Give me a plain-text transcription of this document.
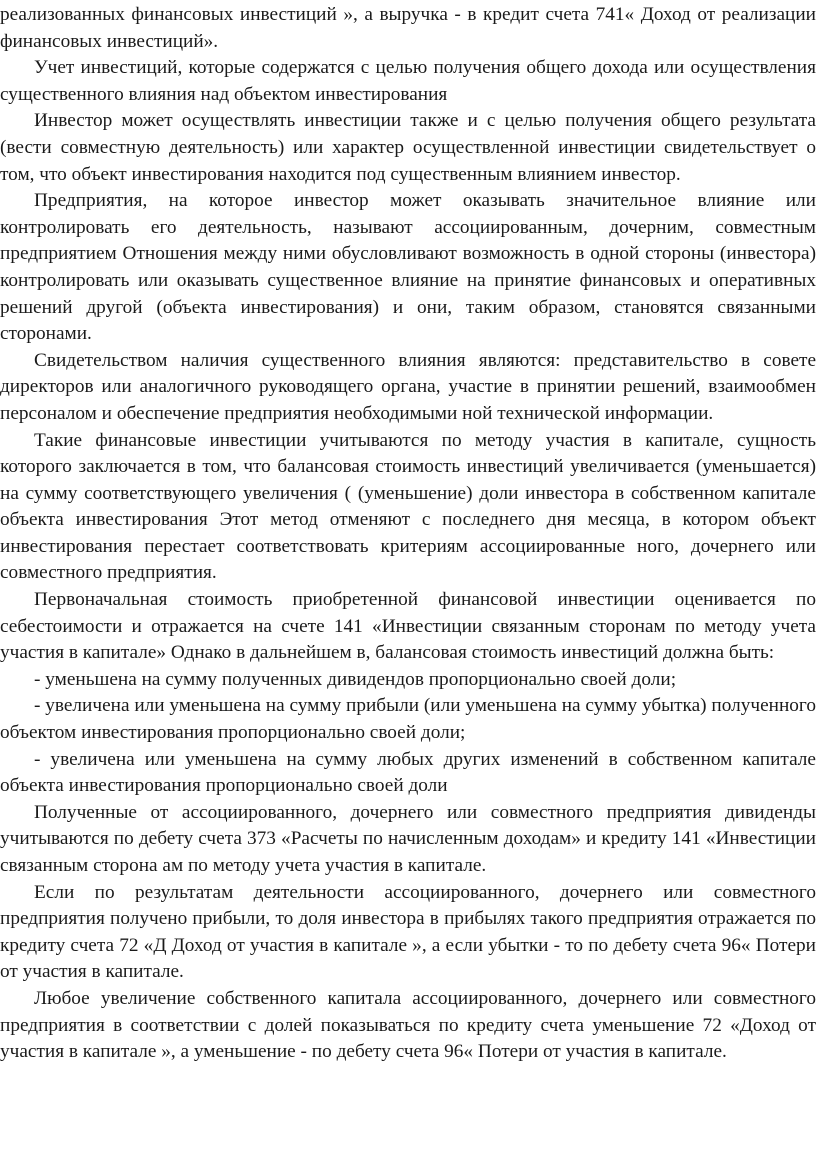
реализованных финансовых инвестиций », а выручка - в кредит счета 741« Доход от реализации финансовых инвестиций».

Учет инвестиций, которые содержатся с целью получения общего дохода или осуществления существенного влияния над объектом инвестирования

Инвестор может осуществлять инвестиции также и с целью получения общего результата (вести совместную деятельность) или характер осуществленной инвестиции свидетельствует о том, что объект инвестирования находится под существенным влиянием инвестор.

Предприятия, на которое инвестор может оказывать значительное влияние или контролировать его деятельность, называют ассоциированным, дочерним, совместным предприятием Отношения между ними обусловливают возможность в одной стороны (инвестора) контролировать или оказывать существенное влияние на принятие финансовых и оперативных решений другой (объекта инвестирования) и они, таким образом, становятся связанными сторонами.

Свидетельством наличия существенного влияния являются: представительство в совете директоров или аналогичного руководящего органа, участие в принятии решений, взаимообмен персоналом и обеспечение предприятия необходимыми ной технической информации.

Такие финансовые инвестиции учитываются по методу участия в капитале, сущность которого заключается в том, что балансовая стоимость инвестиций увеличивается (уменьшается) на сумму соответствующего увеличения ( (уменьшение) доли инвестора в собственном капитале объекта инвестирования Этот метод отменяют с последнего дня месяца, в котором объект инвестирования перестает соответствовать критериям ассоциированные ного, дочернего или совместного предприятия.

Первоначальная стоимость приобретенной финансовой инвестиции оценивается по себестоимости и отражается на счете 141 «Инвестиции связанным сторонам по методу учета участия в капитале» Однако в дальнейшем в, балансовая стоимость инвестиций должна быть:

- уменьшена на сумму полученных дивидендов пропорционально своей доли;

- увеличена или уменьшена на сумму прибыли (или уменьшена на сумму убытка) полученного объектом инвестирования пропорционально своей доли;

- увеличена или уменьшена на сумму любых других изменений в собственном капитале объекта инвестирования пропорционально своей доли

Полученные от ассоциированного, дочернего или совместного предприятия дивиденды учитываются по дебету счета 373 «Расчеты по начисленным доходам» и кредиту 141 «Инвестиции связанным сторона ам по методу учета участия в капитале.

Если по результатам деятельности ассоциированного, дочернего или совместного предприятия получено прибыли, то доля инвестора в прибылях такого предприятия отражается по кредиту счета 72 «Д Доход от участия в капитале », а если убытки - то по дебету счета 96« Потери от участия в капитале.

Любое увеличение собственного капитала ассоциированного, дочернего или совместного предприятия в соответствии с долей показываться по кредиту счета уменьшение 72 «Доход от участия в капитале », а уменьшение - по дебету счета 96« Потери от участия в капитале.
